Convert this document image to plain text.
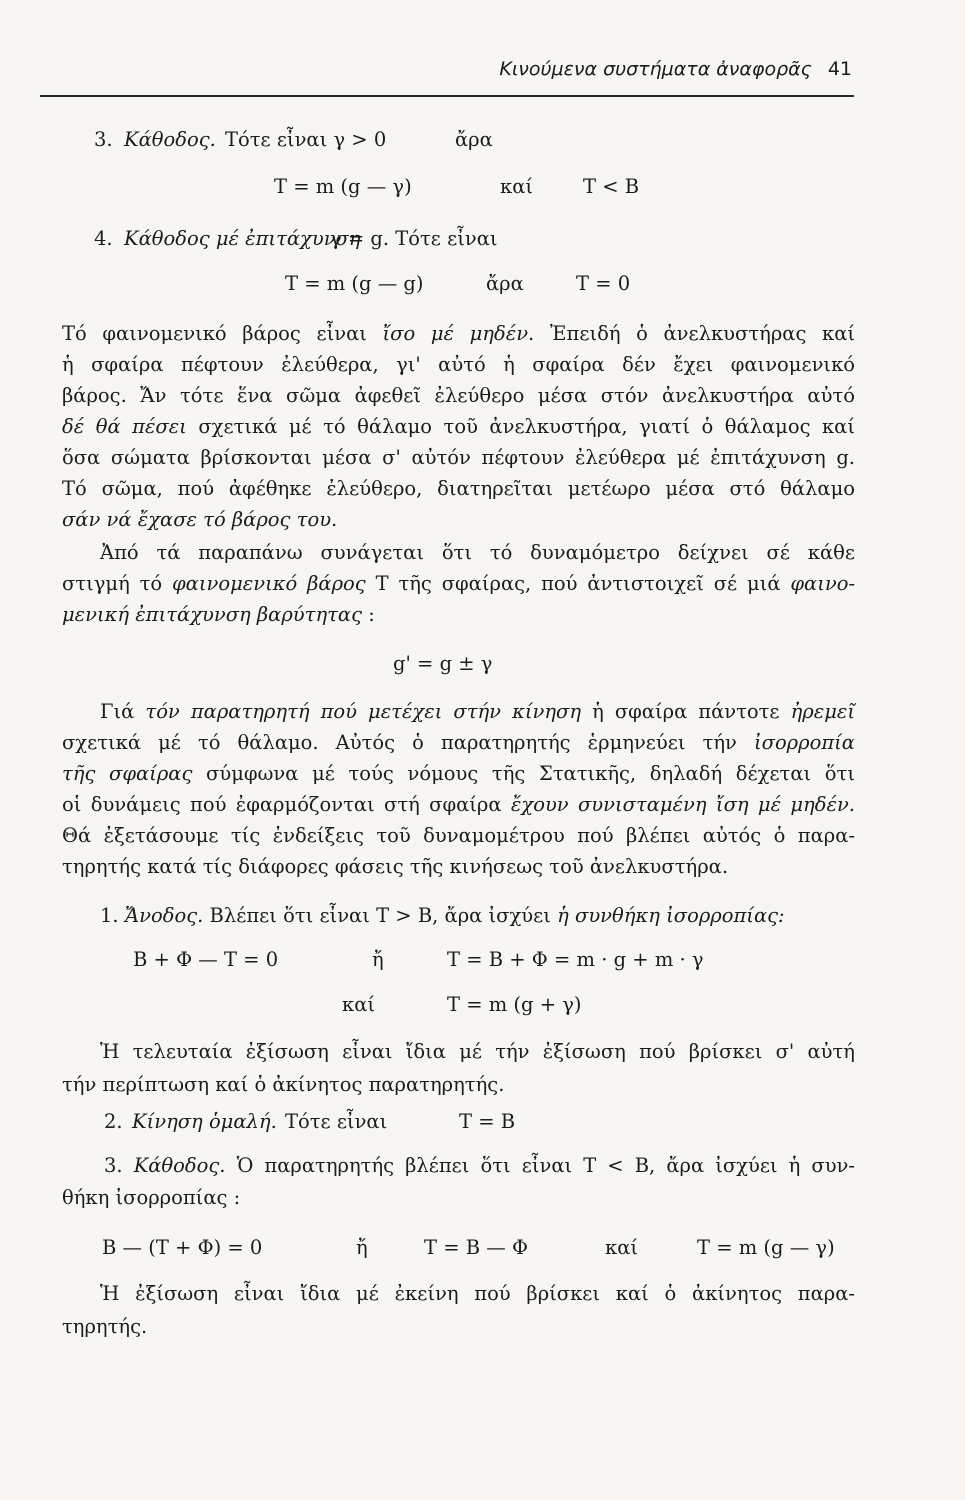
Κινούμενα συστήματα ἀναφορᾶς 41
3. Κάθοδος. Τότε εἶναι γ > 0	ἄρα
Τ = m (g — γ)	καί	Τ < Β
4. Κάθοδος μέ ἐπιτάχυνση
γ = g. Τότε εἶναι
Τ = m (g — g)	ἄρα	Τ = 0
Τό φαινομενικό βάρος εἶναι ἴσο μέ μηδέν. Ἐπειδή ὁ ἀνελκυστήρας καί
ἡ σφαίρα πέφτουν ἐλεύθερα, γι' αὐτό ἡ σφαίρα δέν ἔχει φαινομενικό
βάρος. Ἄν τότε ἕνα σῶμα ἀφεθεῖ ἐλεύθερο μέσα στόν ἀνελκυστήρα αὐτό
δέ θά πέσει σχετικά μέ τό θάλαμο τοῦ ἀνελκυστήρα, γιατί ὁ θάλαμος καί
ὅσα σώματα βρίσκονται μέσα σ' αὐτόν πέφτουν ἐλεύθερα μέ ἐπιτάχυνση g.
Τό σῶμα, πού ἀφέθηκε ἐλεύθερο, διατηρεῖται μετέωρο μέσα στό θάλαμο
σάν νά ἔχασε τό βάρος του.
Ἀπό τά παραπάνω συνάγεται ὅτι τό δυναμόμετρο δείχνει σέ κάθε
στιγμή τό φαινομενικό βάρος Τ τῆς σφαίρας, πού ἀντιστοιχεῖ σέ μιά φαινο-
μενική ἐπιτάχυνση βαρύτητας :
g' = g ± γ
Γιά τόν παρατηρητή πού μετέχει στήν κίνηση ἡ σφαίρα πάντοτε ἠρεμεῖ
σχετικά μέ τό θάλαμο. Αὐτός ὁ παρατηρητής ἑρμηνεύει τήν ἰσορροπία
τῆς σφαίρας σύμφωνα μέ τούς νόμους τῆς Στατικῆς, δηλαδή δέχεται ὅτι
οἱ δυνάμεις πού ἐφαρμόζονται στή σφαίρα ἔχουν συνισταμένη ἴση μέ μηδέν.
Θά ἐξετάσουμε τίς ἐνδείξεις τοῦ δυναμομέτρου πού βλέπει αὐτός ὁ παρα-
τηρητής κατά τίς διάφορες φάσεις τῆς κινήσεως τοῦ ἀνελκυστήρα.
1. Ἄνοδος. Βλέπει ὅτι εἶναι Τ > Β, ἄρα ἰσχύει ἡ συνθήκη ἰσορροπίας:
Β + Φ — Τ = 0	ἤ	Τ = Β + Φ = m · g + m · γ
καί	Τ = m (g + γ)
Ἡ τελευταία ἐξίσωση εἶναι ἴδια μέ τήν ἐξίσωση πού βρίσκει σ' αὐτή
τήν περίπτωση καί ὁ ἀκίνητος παρατηρητής.
2. Κίνηση ὁμαλή. Τότε εἶναι	Τ = Β
3. Κάθοδος. Ὁ παρατηρητής βλέπει ὅτι εἶναι Τ < Β, ἄρα ἰσχύει ἡ συν-
θήκη ἰσορροπίας :
Β — (Τ + Φ) = 0	ἤ	Τ = Β — Φ	καί	Τ = m (g — γ)
Ἡ ἐξίσωση εἶναι ἴδια μέ ἐκείνη πού βρίσκει καί ὁ ἀκίνητος παρα-
τηρητής.
